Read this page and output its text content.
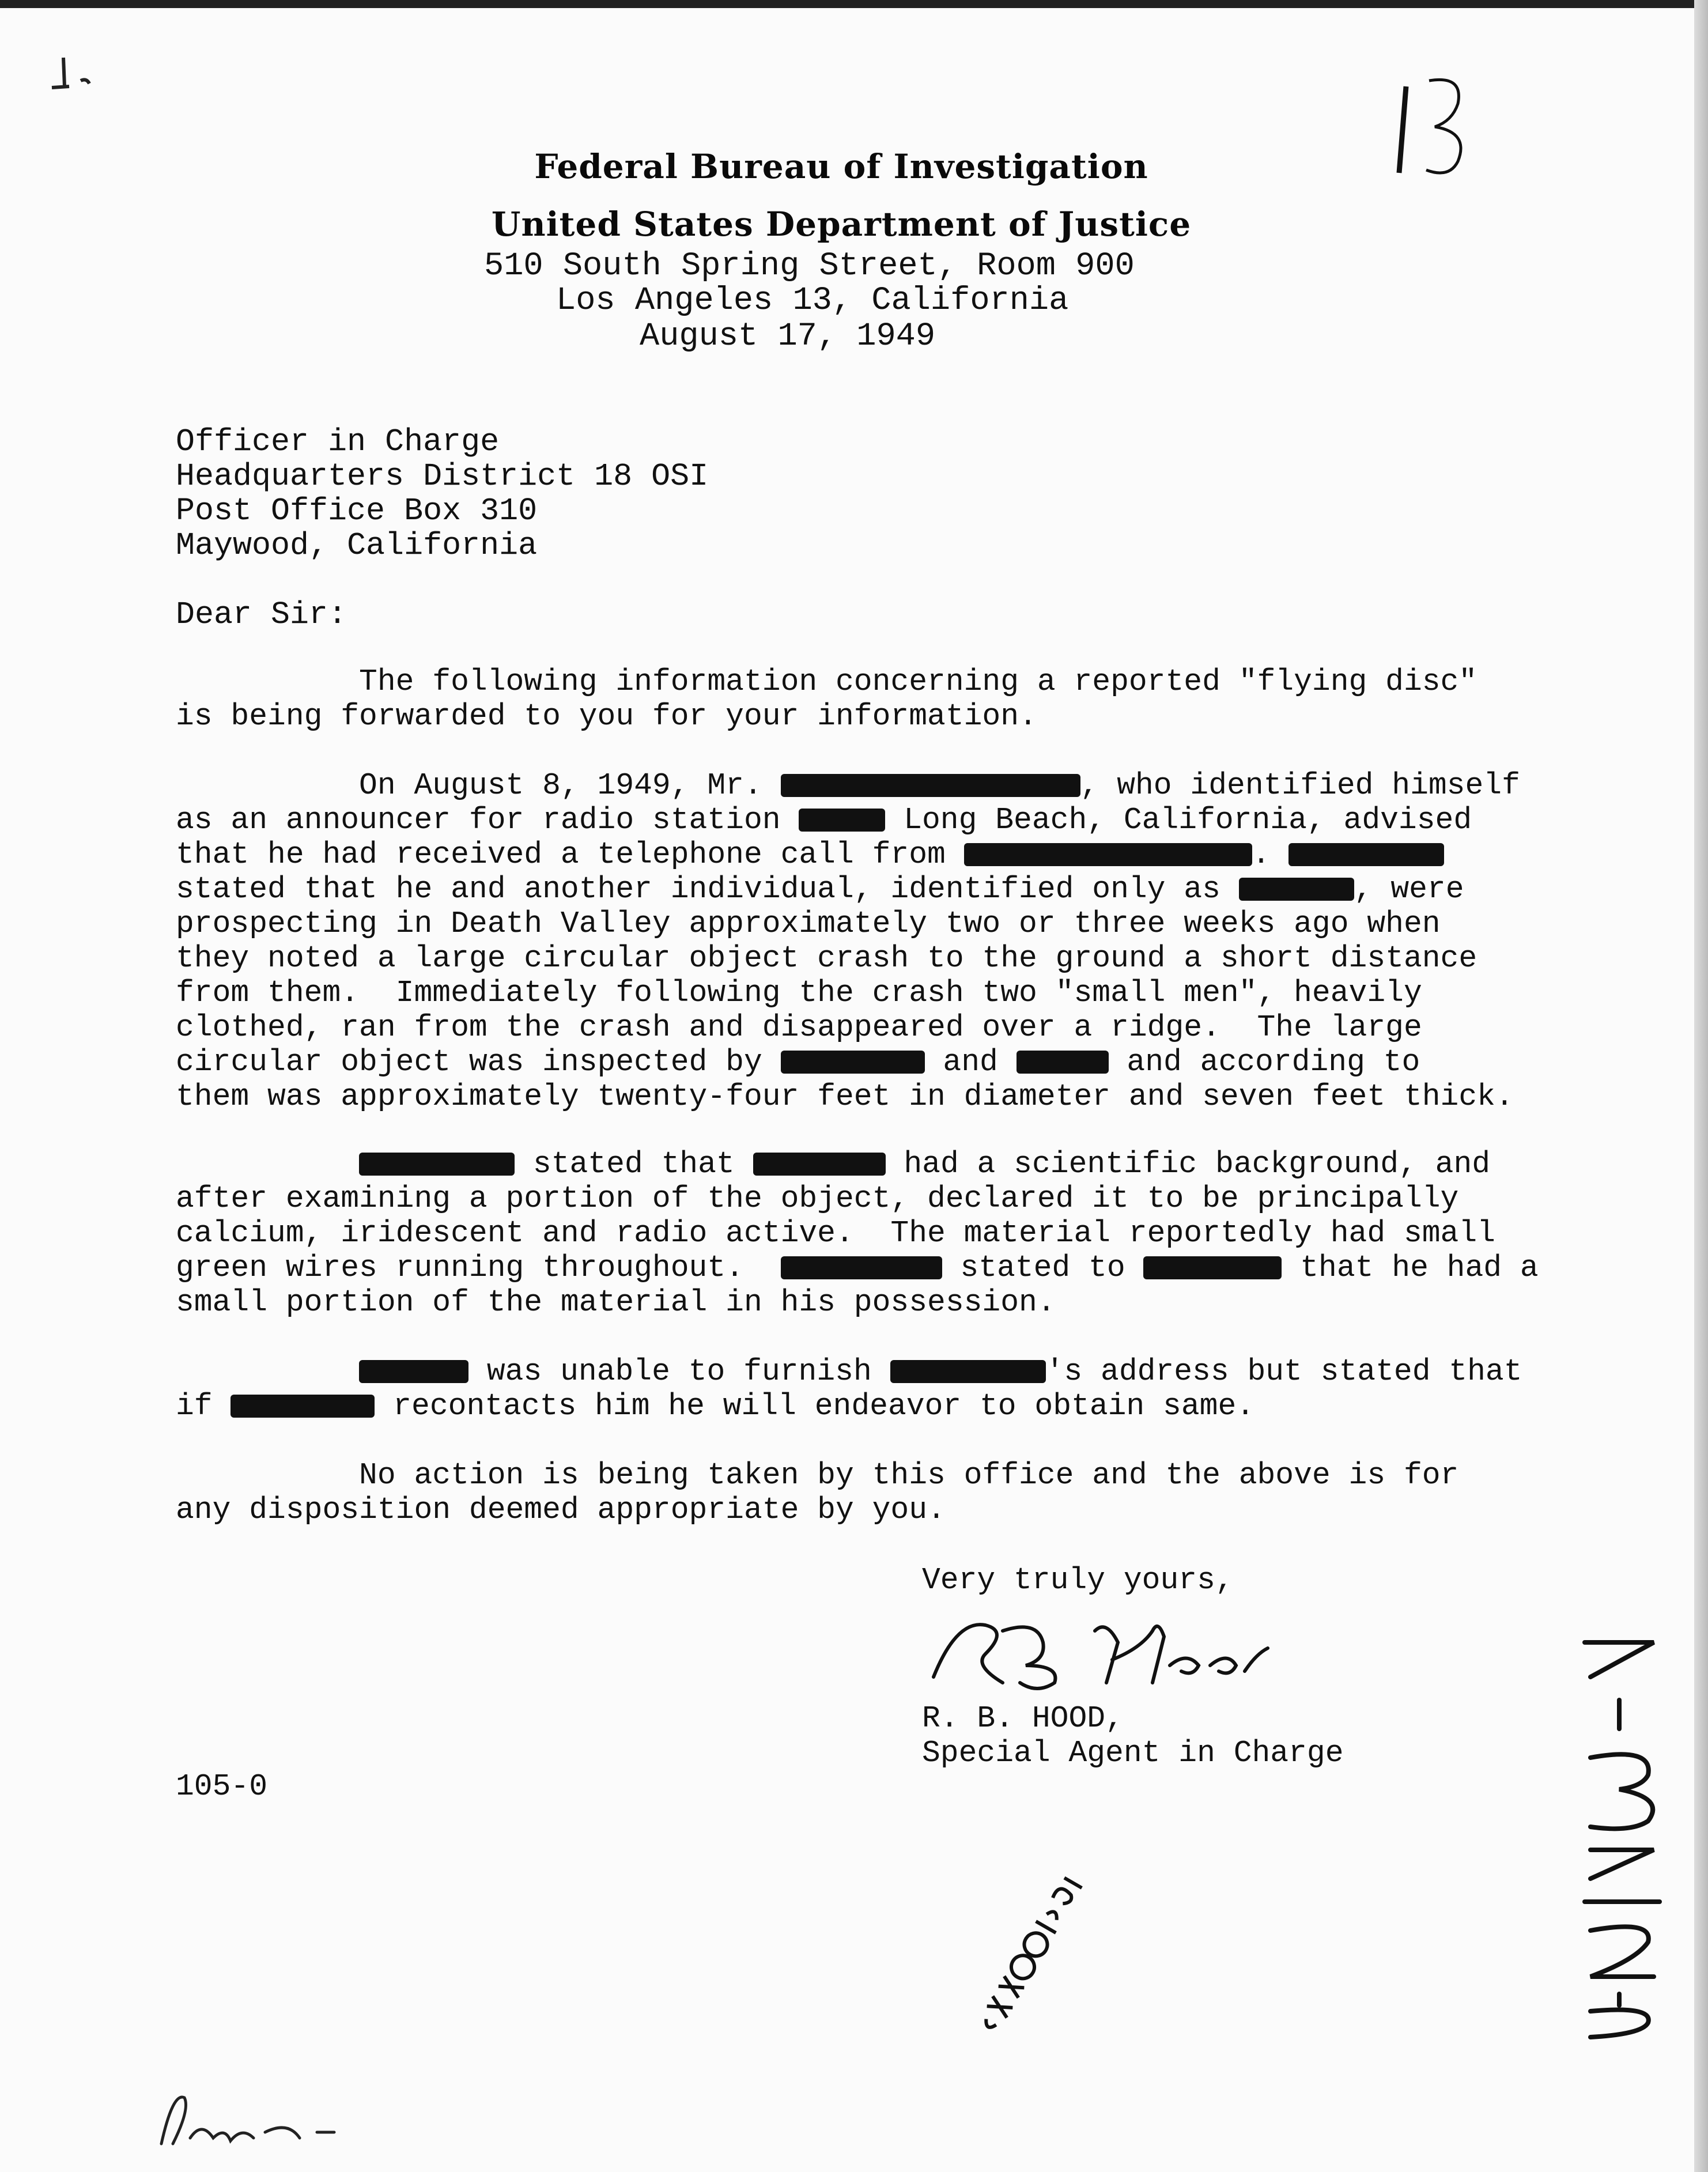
Federal Bureau of Investigation
United States Department of Justice
510 South Spring Street, Room 900
Los Angeles 13, California
August 17, 1949
Officer in Charge
Headquarters District 18 OSI
Post Office Box 310
Maywood, California
Dear Sir:
The following information concerning a reported "flying disc"
is being forwarded to you for your information.
On August 8, 1949, Mr.	, who identified himself
as an announcer for radio station	Long Beach, California, advised
that he had received a telephone call from	.
stated that he and another individual, identified only as	, were
prospecting in Death Valley approximately two or three weeks ago when
they noted a large circular object crash to the ground a short distance
from them.  Immediately following the crash two "small men", heavily
clothed, ran from the crash and disappeared over a ridge.  The large
circular object was inspected by	and	and according to
them was approximately twenty-four feet in diameter and seven feet thick.
stated that	had a scientific background, and
after examining a portion of the object, declared it to be principally
calcium, iridescent and radio active.  The material reportedly had small
green wires running throughout.	stated to	that he had a
small portion of the material in his possession.
was unable to furnish	's address but stated that
if	recontacts him he will endeavor to obtain same.
No action is being taken by this office and the above is for
any disposition deemed appropriate by you.
Very truly yours,
R. B. HOOD,
Special Agent in Charge
105-0
